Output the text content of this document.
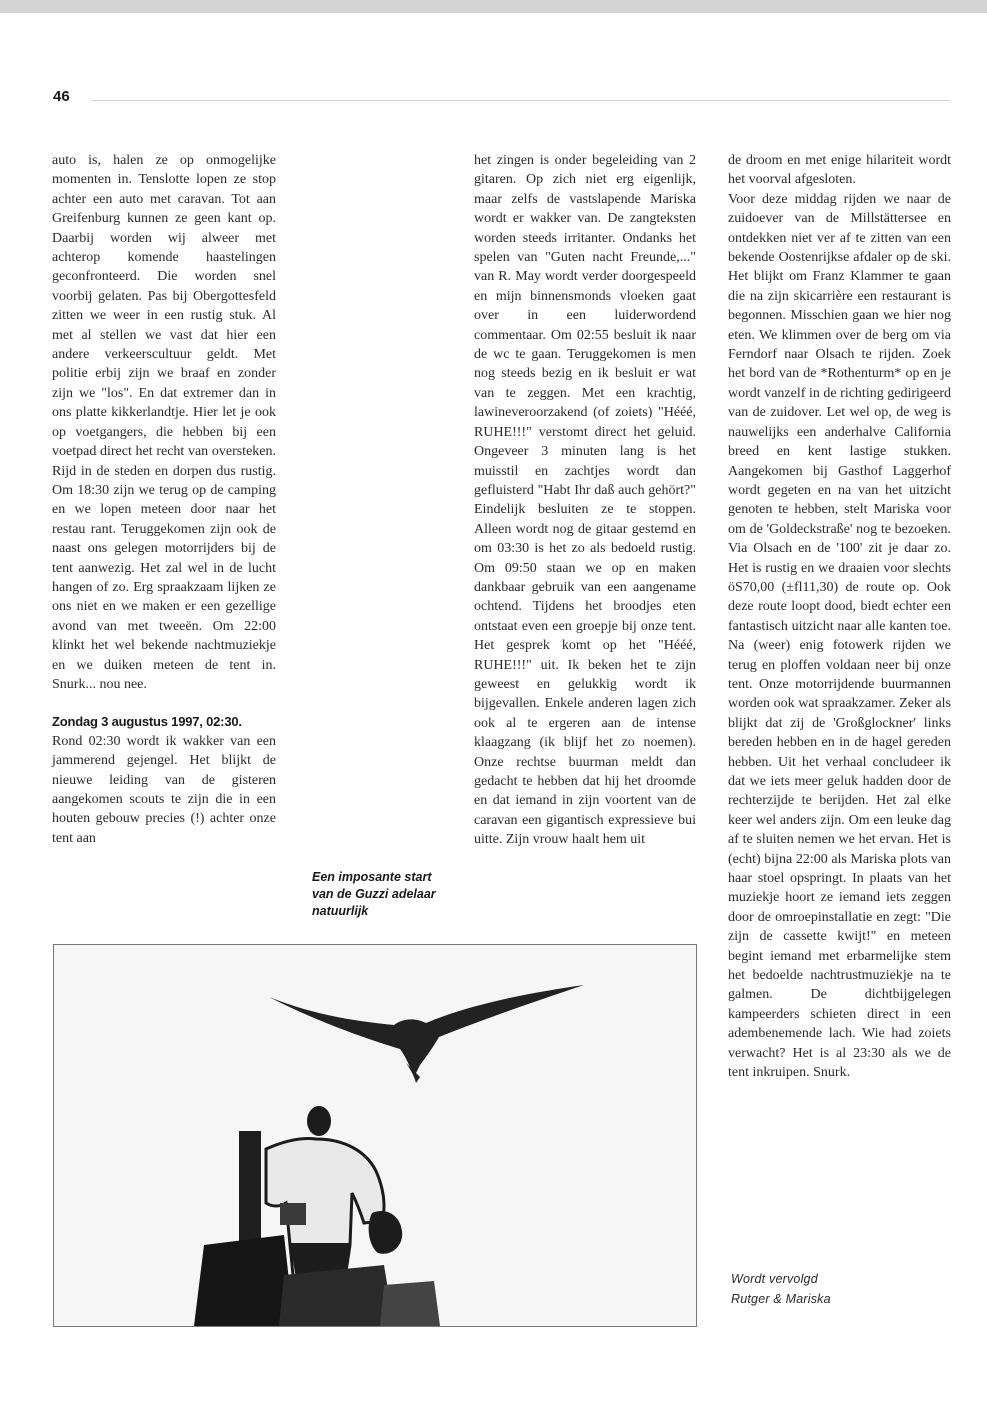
46

auto is, halen ze op onmogelijke momenten in. Tenslotte lopen ze stop achter een auto met caravan. Tot aan Greifenburg kunnen ze geen kant op. Daarbij worden wij alweer met achterop komende haastelingen geconfronteerd. Die worden snel voorbij gelaten. Pas bij Obergottesfeld zitten we weer in een rustig stuk. Al met al stellen we vast dat hier een andere verkeerscultuur geldt. Met politie erbij zijn we braaf en zonder zijn we "los". En dat extremer dan in ons platte kikkerlandtje. Hier let je ook op voetgangers, die hebben bij een voetpad direct het recht van oversteken. Rijd in de steden en dorpen dus rustig. Om 18:30 zijn we terug op de camping en we lopen meteen door naar het restau rant. Teruggekomen zijn ook de naast ons gelegen motorrijders bij de tent aanwezig. Het zal wel in de lucht hangen of zo. Erg spraakzaam lijken ze ons niet en we maken er een gezellige avond van met tweeën. Om 22:00 klinkt het wel bekende nachtmuziekje en we duiken meteen de tent in. Snurk... nou nee.

Zondag 3 augustus 1997, 02:30.

Rond 02:30 wordt ik wakker van een jammerend gejengel. Het blijkt de nieuwe leiding van de gisteren aangekomen scouts te zijn die in een houten gebouw precies (!) achter onze tent aan

het zingen is onder begeleiding van 2 gitaren. Op zich niet erg eigenlijk, maar zelfs de vastslapende Mariska wordt er wakker van. De zangteksten worden steeds irritanter. Ondanks het spelen van "Guten nacht Freunde,..." van R. May wordt verder doorgespeeld en mijn binnensmonds vloeken gaat over in een luiderwordend commentaar. Om 02:55 besluit ik naar de wc te gaan. Teruggekomen is men nog steeds bezig en ik besluit er wat van te zeggen. Met een krachtig, lawineveroorzakend (of zoiets) "Hééé, RUHE!!!" verstomt direct het geluid. Ongeveer 3 minuten lang is het muisstil en zachtjes wordt dan gefluisterd "Habt Ihr daß auch gehört?" Eindelijk besluiten ze te stoppen. Alleen wordt nog de gitaar gestemd en om 03:30 is het zo als bedoeld rustig. Om 09:50 staan we op en maken dankbaar gebruik van een aangename ochtend. Tijdens het broodjes eten ontstaat even een groepje bij onze tent. Het gesprek komt op het "Hééé, RUHE!!!" uit. Ik beken het te zijn geweest en gelukkig wordt ik bijgevallen. Enkele anderen lagen zich ook al te ergeren aan de intense klaagzang (ik blijf het zo noemen). Onze rechtse buurman meldt dan gedacht te hebben dat hij het droomde en dat iemand in zijn voortent van de caravan een gigantisch expressieve bui uitte. Zijn vrouw haalt hem uit

de droom en met enige hilariteit wordt het voorval afgesloten.

Voor deze middag rijden we naar de zuidoever van de Millstättersee en ontdekken niet ver af te zitten van een bekende Oostenrijkse afdaler op de ski. Het blijkt om Franz Klammer te gaan die na zijn skicarrière een restaurant is begonnen. Misschien gaan we hier nog eten. We klimmen over de berg om via Ferndorf naar Olsach te rijden. Zoek het bord van de *Rothenturm* op en je wordt vanzelf in de richting gedirigeerd van de zuidover. Let wel op, de weg is nauwelijks een anderhalve California breed en kent lastige stukken. Aangekomen bij Gasthof Laggerhof wordt gegeten en na van het uitzicht genoten te hebben, stelt Mariska voor om de 'Goldeckstraße' nog te bezoeken. Via Olsach en de '100' zit je daar zo. Het is rustig en we draaien voor slechts öS70,00 (±fl11,30) de route op. Ook deze route loopt dood, biedt echter een fantastisch uitzicht naar alle kanten toe. Na (weer) enig fotowerk rijden we terug en ploffen voldaan neer bij onze tent. Onze motorrijdende buurmannen worden ook wat spraakzamer. Zeker als blijkt dat zij de 'Großglockner' links bereden hebben en in de hagel gereden hebben. Uit het verhaal concludeer ik dat we iets meer geluk hadden door de rechterzijde te berijden. Het zal elke keer wel anders zijn. Om een leuke dag af te sluiten nemen we het ervan. Het is (echt) bijna 22:00 als Mariska plots van haar stoel opspringt. In plaats van het muziekje hoort ze iemand iets zeggen door de omroepinstallatie en zegt: "Die zijn de cassette kwijt!" en meteen begint iemand met erbarmelijke stem het bedoelde nachtrustmuziekje na te galmen. De dichtbijgelegen kampeerders schieten direct in een adembenemende lach. Wie had zoiets verwacht? Het is al 23:30 als we de tent inkruipen. Snurk.

Een imposante start van de Guzzi adelaar natuurlijk
Wordt vervolgd
Rutger & Mariska
